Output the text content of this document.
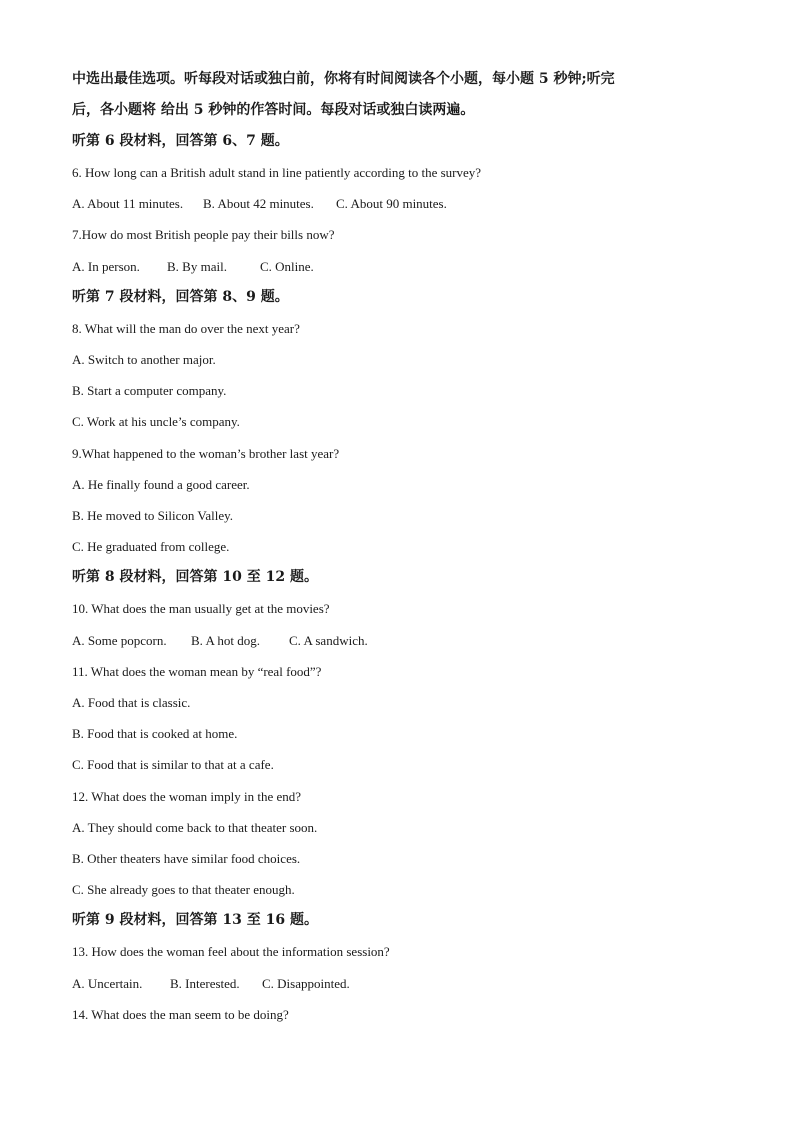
中选出最佳选项。听每段对话或独白前，你将有时间阅读各个小题，每小题 5 秒钟;听完

后，各小题将 给出 5 秒钟的作答时间。每段对话或独白读两遍。

听第 6 段材料，回答第 6、7 题。

6. How long can a British adult stand in line patiently according to the survey?

A. About 11 minutes.	B. About 42 minutes.	C. About 90 minutes.

7.How do most British people pay their bills now?

A. In person.	B. By mail.	C. Online.

听第 7 段材料，回答第 8、9 题。

8. What will the man do over the next year?

A. Switch to another major.

B. Start a computer company.

C. Work at his uncle’s company.

9.What happened to the woman’s brother last year?

A. He finally found a good career.

B. He moved to Silicon Valley.

C. He graduated from college.

听第 8 段材料，回答第 10 至 12 题。

10. What does the man usually get at the movies?

A. Some popcorn.	B. A hot dog.	C. A sandwich.

11. What does the woman mean by “real food”?

A. Food that is classic.

B. Food that is cooked at home.

C. Food that is similar to that at a cafe.

12. What does the woman imply in the end?

A. They should come back to that theater soon.

B. Other theaters have similar food choices.

C. She already goes to that theater enough.

听第 9 段材料，回答第 13 至 16 题。

13. How does the woman feel about the information session?

A. Uncertain.	B. Interested.	C. Disappointed.

14. What does the man seem to be doing?
